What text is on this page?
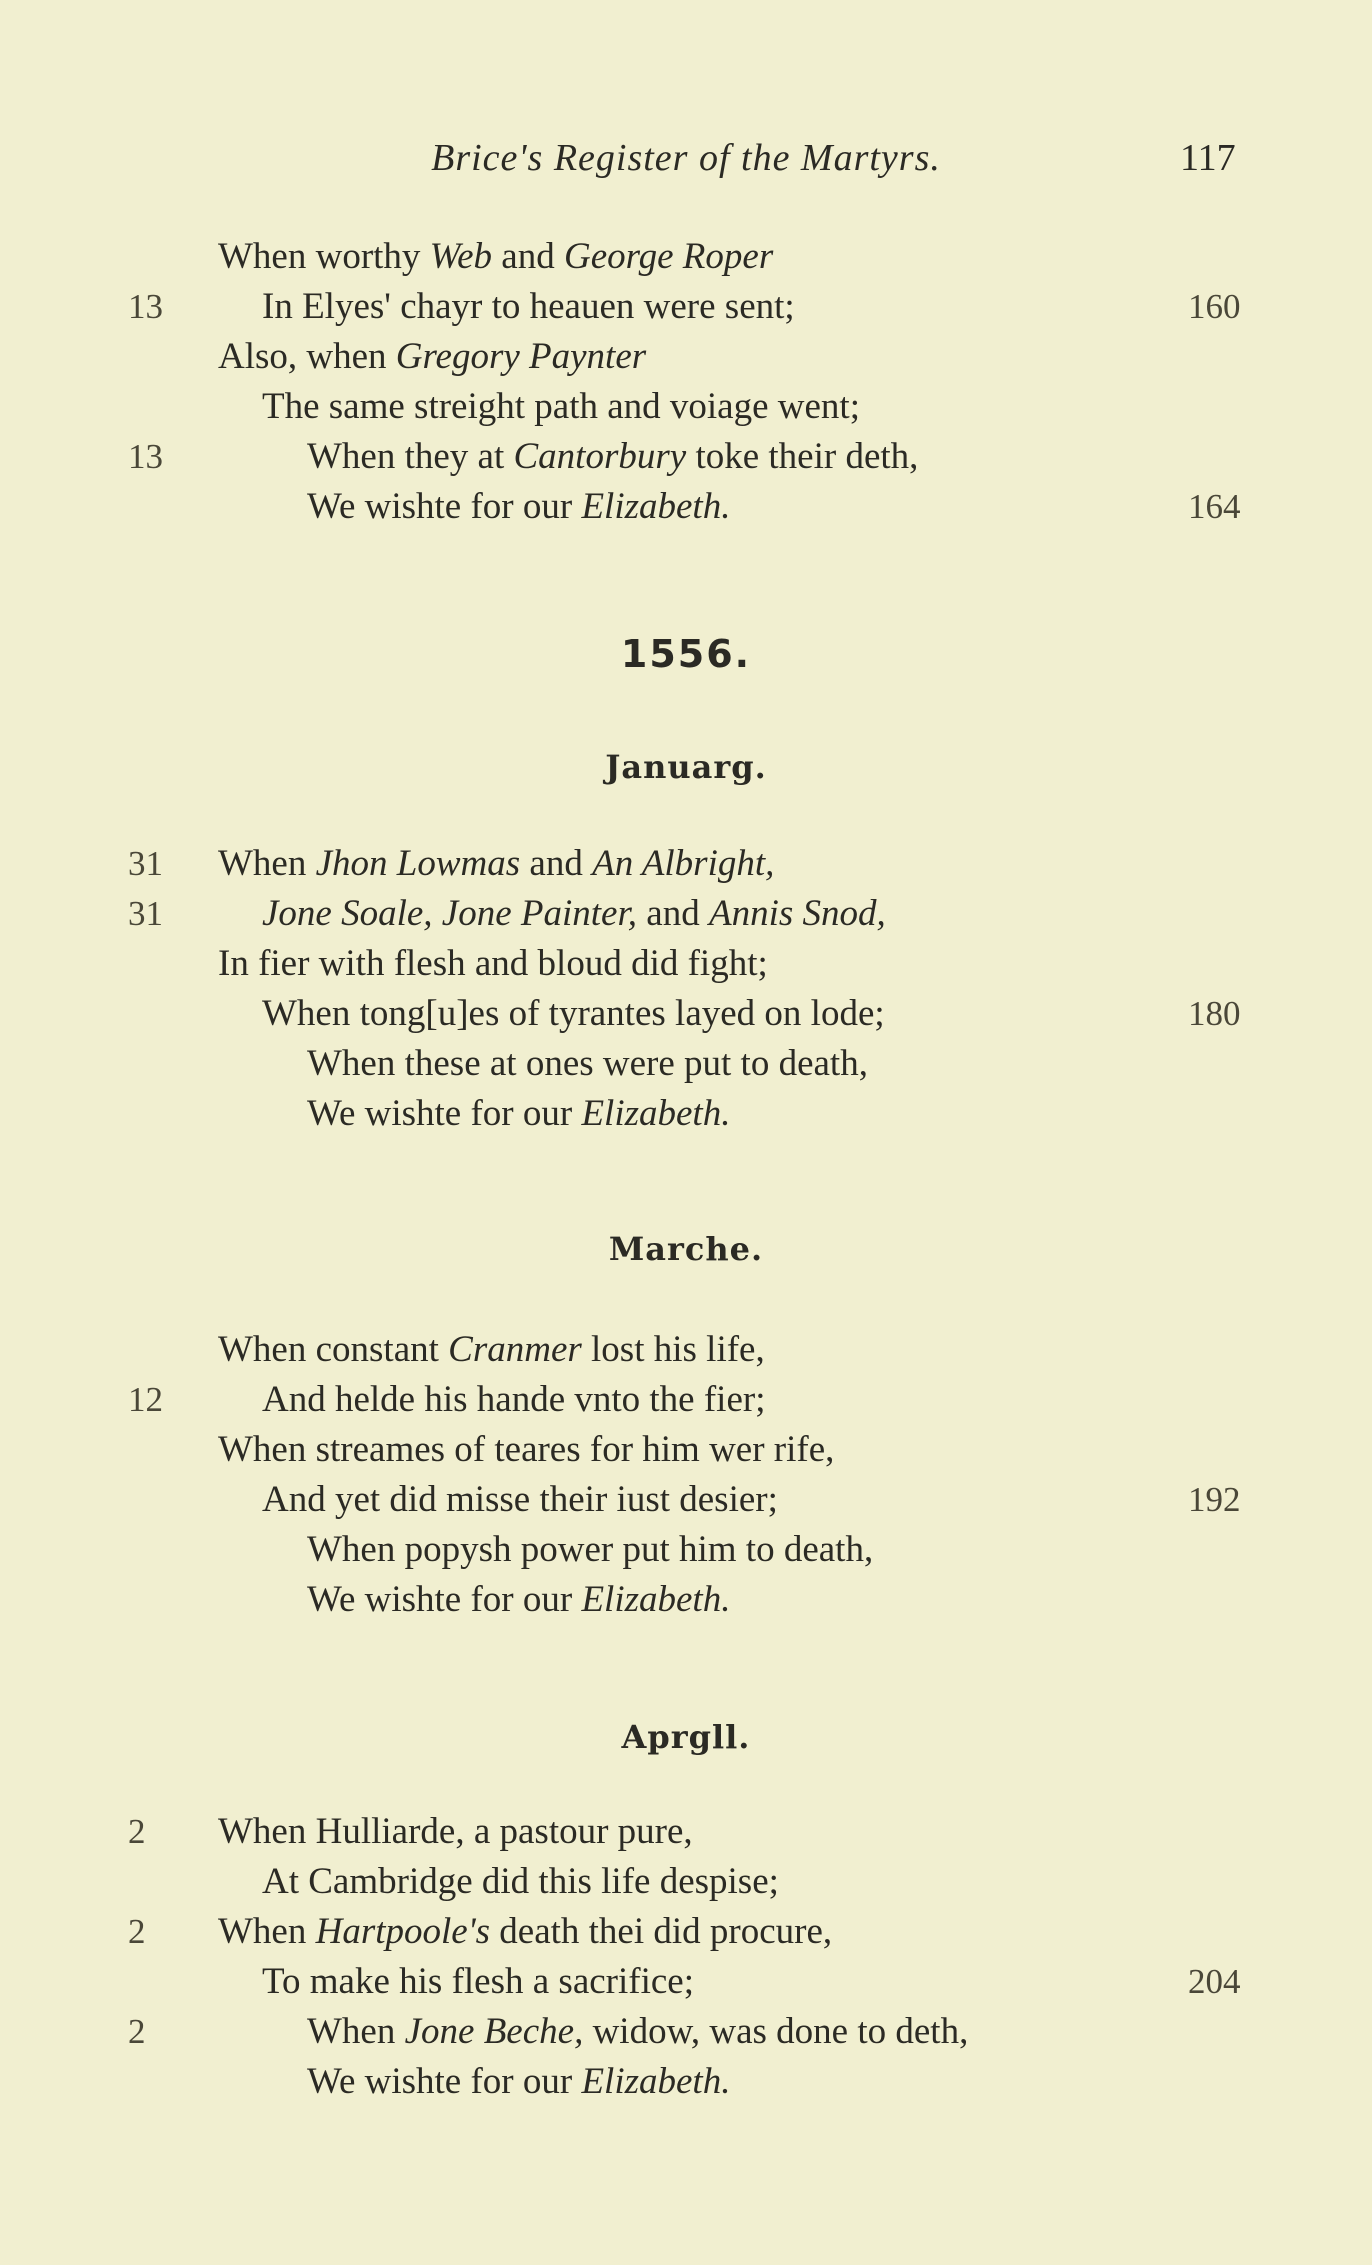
Brice's Register of the Martyrs.	117
When worthy Web and George Roper
13	In Elyes' chayr to heauen were sent;	160
Also, when Gregory Paynter
The same streight path and voiage went;
13	When they at Cantorbury toke their deth,
We wishte for our Elizabeth.	164
1556.
Januarg.
31 When Jhon Lowmas and An Albright,
31	Jone Soale, Jone Painter, and Annis Snod,
In fier with flesh and bloud did fight;
When tong[u]es of tyrantes layed on lode;	180
When these at ones were put to death,
We wishte for our Elizabeth.
Marche.
When constant Cranmer lost his life,
12	And helde his hande vnto the fier;
When streames of teares for him wer rife,
And yet did misse their iust desier;	192
When popysh power put him to death,
We wishte for our Elizabeth.
Aprgll.
2 When Hulliarde, a pastour pure,
At Cambridge did this life despise;
2 When Hartpoole's death thei did procure,
To make his flesh a sacrifice;	204
2	When Jone Beche, widow, was done to deth,
We wishte for our Elizabeth.
